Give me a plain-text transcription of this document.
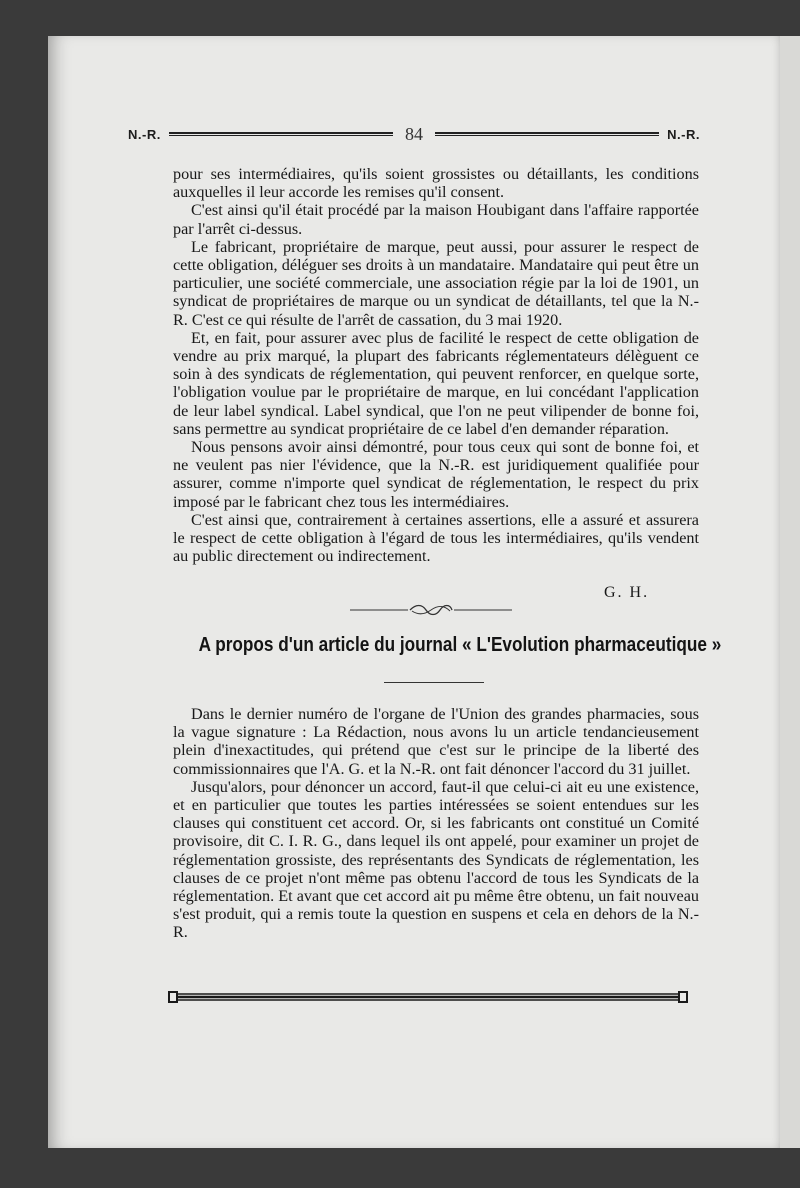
N.-R.	84	N.-R.

pour ses intermédiaires, qu'ils soient grossistes ou détaillants, les conditions auxquelles il leur accorde les remises qu'il consent.

C'est ainsi qu'il était procédé par la maison Houbigant dans l'affaire rapportée par l'arrêt ci-dessus.

Le fabricant, propriétaire de marque, peut aussi, pour assurer le respect de cette obligation, déléguer ses droits à un mandataire. Mandataire qui peut être un particulier, une société commerciale, une association régie par la loi de 1901, un syndicat de propriétaires de marque ou un syndicat de détaillants, tel que la N.-R. C'est ce qui résulte de l'arrêt de cassation, du 3 mai 1920.

Et, en fait, pour assurer avec plus de facilité le respect de cette obligation de vendre au prix marqué, la plupart des fabricants réglementateurs délèguent ce soin à des syndicats de réglementation, qui peuvent renforcer, en quelque sorte, l'obligation voulue par le propriétaire de marque, en lui concédant l'application de leur label syndical. Label syndical, que l'on ne peut vilipender de bonne foi, sans permettre au syndicat propriétaire de ce label d'en demander réparation.

Nous pensons avoir ainsi démontré, pour tous ceux qui sont de bonne foi, et ne veulent pas nier l'évidence, que la N.-R. est juridiquement qualifiée pour assurer, comme n'importe quel syndicat de réglementation, le respect du prix imposé par le fabricant chez tous les intermédiaires.

C'est ainsi que, contrairement à certaines assertions, elle a assuré et assurera le respect de cette obligation à l'égard de tous les intermédiaires, qu'ils vendent au public directement ou indirectement.

G. H.
A propos d'un article du journal « L'Evolution pharmaceutique »

Dans le dernier numéro de l'organe de l'Union des grandes pharmacies, sous la vague signature : La Rédaction, nous avons lu un article tendancieusement plein d'inexactitudes, qui prétend que c'est sur le principe de la liberté des commissionnaires que l'A. G. et la N.-R. ont fait dénoncer l'accord du 31 juillet.

Jusqu'alors, pour dénoncer un accord, faut-il que celui-ci ait eu une existence, et en particulier que toutes les parties intéressées se soient entendues sur les clauses qui constituent cet accord. Or, si les fabricants ont constitué un Comité provisoire, dit C. I. R. G., dans lequel ils ont appelé, pour examiner un projet de réglementation grossiste, des représentants des Syndicats de réglementation, les clauses de ce projet n'ont même pas obtenu l'accord de tous les Syndicats de la réglementation. Et avant que cet accord ait pu même être obtenu, un fait nouveau s'est produit, qui a remis toute la question en suspens et cela en dehors de la N.-R.
